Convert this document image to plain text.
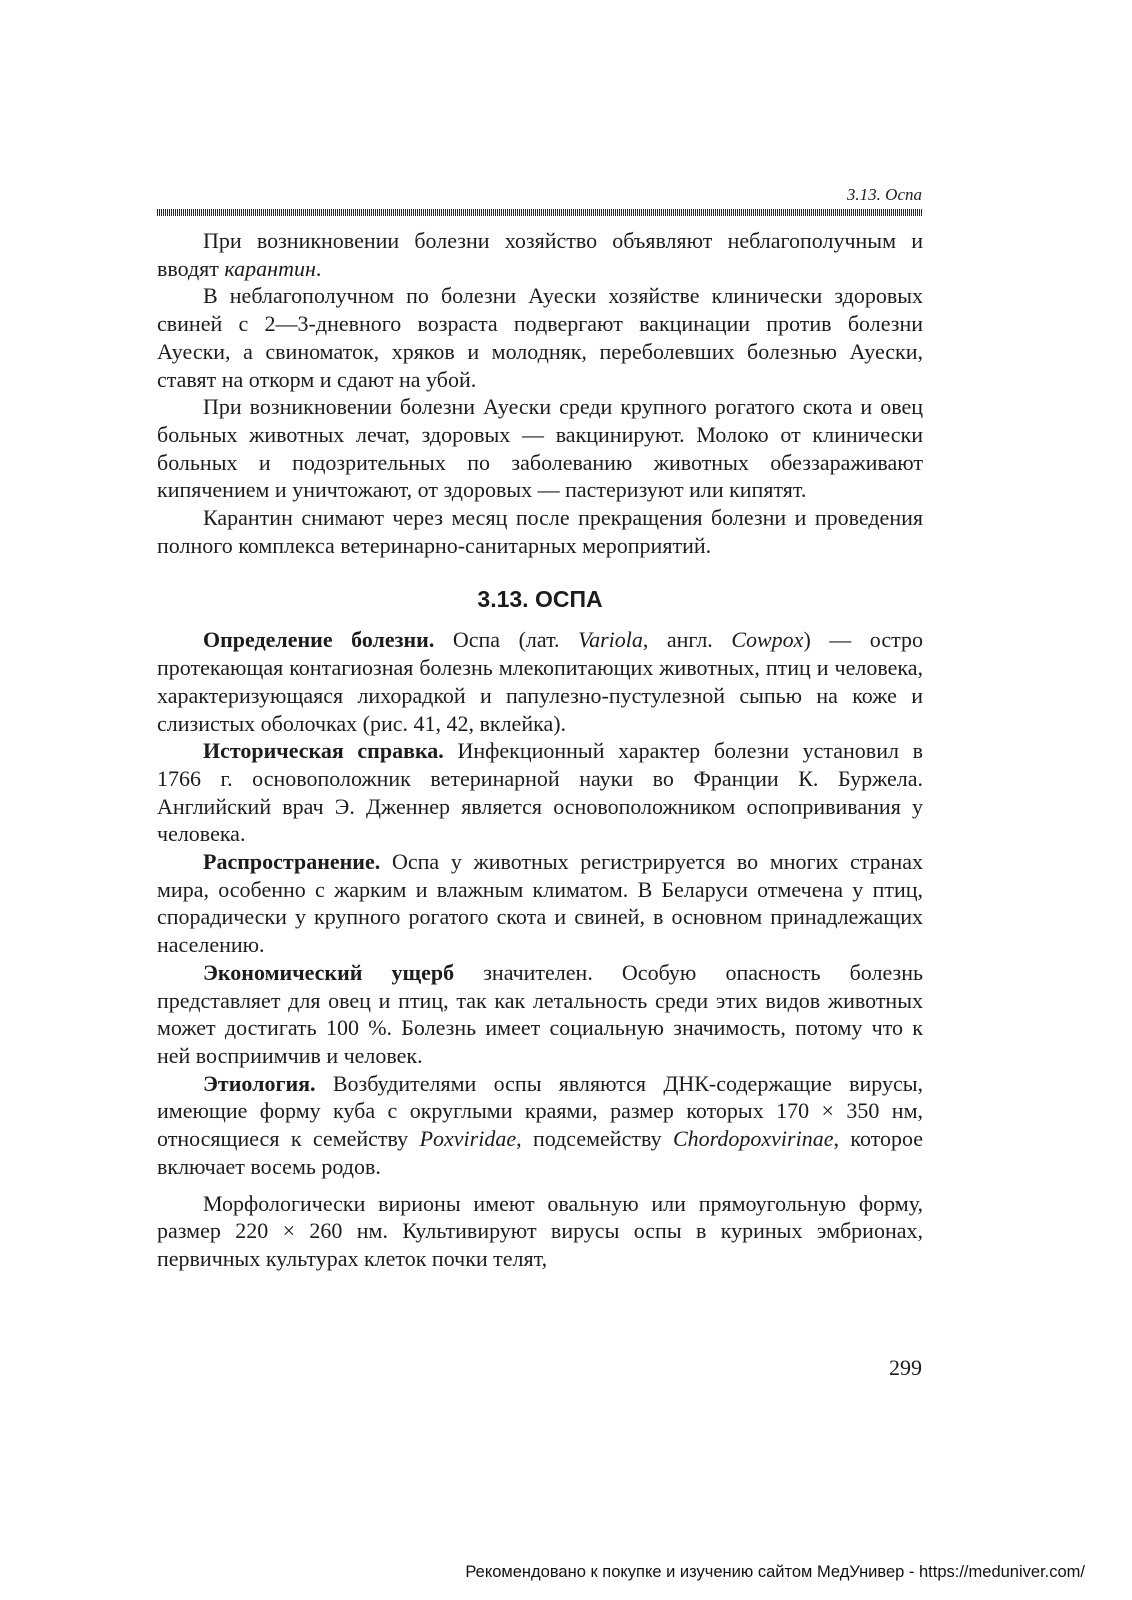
3.13. Оспа

При возникновении болезни хозяйство объявляют неблагополучным и вводят карантин.

В неблагополучном по болезни Ауески хозяйстве клинически здоровых свиней с 2—3-дневного возраста подвергают вакцинации против болезни Ауески, а свиноматок, хряков и молодняк, переболевших болезнью Ауески, ставят на откорм и сдают на убой.

При возникновении болезни Ауески среди крупного рогатого скота и овец больных животных лечат, здоровых — вакцинируют. Молоко от клинически больных и подозрительных по заболеванию животных обеззараживают кипячением и уничтожают, от здоровых — пастеризуют или кипятят.

Карантин снимают через месяц после прекращения болезни и проведения полного комплекса ветеринарно-санитарных мероприятий.

3.13. ОСПА

Определение болезни. Оспа (лат. Variola, англ. Cowpox) — остро протекающая контагиозная болезнь млекопитающих животных, птиц и человека, характеризующаяся лихорадкой и папулезно-пустулезной сыпью на коже и слизистых оболочках (рис. 41, 42, вклейка).

Историческая справка. Инфекционный характер болезни установил в 1766 г. основоположник ветеринарной науки во Франции К. Буржела. Английский врач Э. Дженнер является основоположником оспопрививания у человека.

Распространение. Оспа у животных регистрируется во многих странах мира, особенно с жарким и влажным климатом. В Беларуси отмечена у птиц, спорадически у крупного рогатого скота и свиней, в основном принадлежащих населению.

Экономический ущерб значителен. Особую опасность болезнь представляет для овец и птиц, так как летальность среди этих видов животных может достигать 100 %. Болезнь имеет социальную значимость, потому что к ней восприимчив и человек.

Этиология. Возбудителями оспы являются ДНК-содержащие вирусы, имеющие форму куба с округлыми краями, размер которых 170 × 350 нм, относящиеся к семейству Poxviridae, подсемейству Chordopoxvirinae, которое включает восемь родов.

Морфологически вирионы имеют овальную или прямоугольную форму, размер 220 × 260 нм. Культивируют вирусы оспы в куриных эмбрионах, первичных культурах клеток почки телят,

299
Рекомендовано к покупке и изучению сайтом МедУнивер - https://meduniver.com/
